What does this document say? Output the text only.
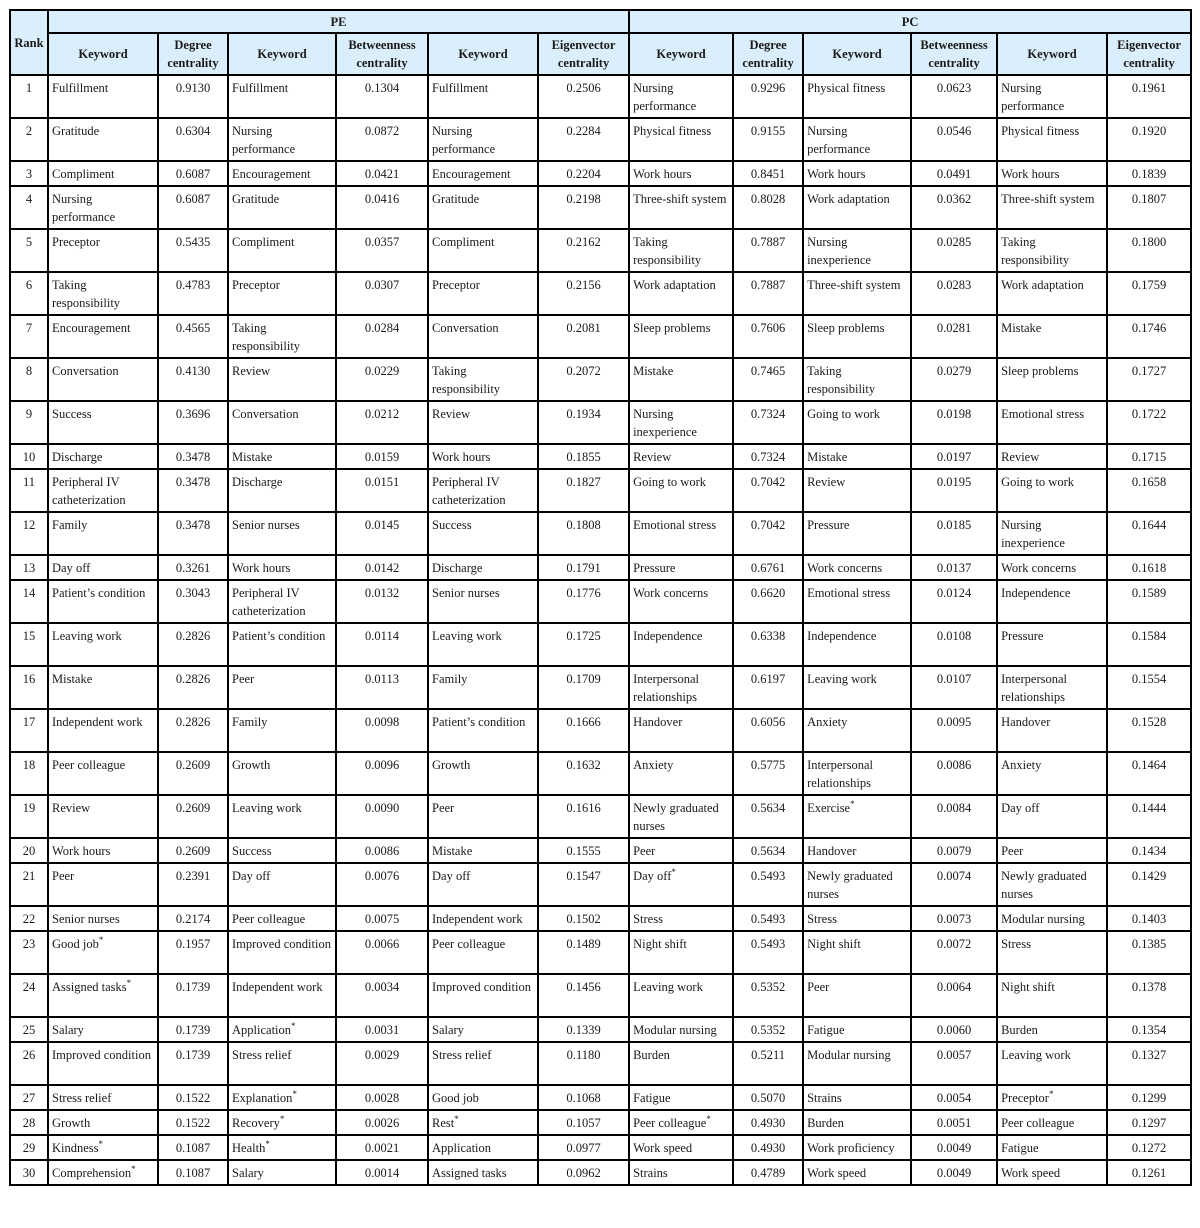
Rank	PE						PC					
	Keyword	Degree centrality	Keyword	Betweenness centrality	Keyword	Eigenvector centrality	Keyword	Degree centrality	Keyword	Betweenness centrality	Keyword	Eigenvector centrality
1	Fulfillment	0.9130	Fulfillment	0.1304	Fulfillment	0.2506	Nursing performance	0.9296	Physical fitness	0.0623	Nursing performance	0.1961
2	Gratitude	0.6304	Nursing performance	0.0872	Nursing performance	0.2284	Physical fitness	0.9155	Nursing performance	0.0546	Physical fitness	0.1920
3	Compliment	0.6087	Encouragement	0.0421	Encouragement	0.2204	Work hours	0.8451	Work hours	0.0491	Work hours	0.1839
4	Nursing performance	0.6087	Gratitude	0.0416	Gratitude	0.2198	Three-shift system	0.8028	Work adaptation	0.0362	Three-shift system	0.1807
5	Preceptor	0.5435	Compliment	0.0357	Compliment	0.2162	Taking responsibility	0.7887	Nursing inexperience	0.0285	Taking responsibility	0.1800
6	Taking responsibility	0.4783	Preceptor	0.0307	Preceptor	0.2156	Work adaptation	0.7887	Three-shift system	0.0283	Work adaptation	0.1759
7	Encouragement	0.4565	Taking responsibility	0.0284	Conversation	0.2081	Sleep problems	0.7606	Sleep problems	0.0281	Mistake	0.1746
8	Conversation	0.4130	Review	0.0229	Taking responsibility	0.2072	Mistake	0.7465	Taking responsibility	0.0279	Sleep problems	0.1727
9	Success	0.3696	Conversation	0.0212	Review	0.1934	Nursing inexperience	0.7324	Going to work	0.0198	Emotional stress	0.1722
10	Discharge	0.3478	Mistake	0.0159	Work hours	0.1855	Review	0.7324	Mistake	0.0197	Review	0.1715
11	Peripheral IV catheterization	0.3478	Discharge	0.0151	Peripheral IV catheterization	0.1827	Going to work	0.7042	Review	0.0195	Going to work	0.1658
12	Family	0.3478	Senior nurses	0.0145	Success	0.1808	Emotional stress	0.7042	Pressure	0.0185	Nursing inexperience	0.1644
13	Day off	0.3261	Work hours	0.0142	Discharge	0.1791	Pressure	0.6761	Work concerns	0.0137	Work concerns	0.1618
14	Patient’s condition	0.3043	Peripheral IV catheterization	0.0132	Senior nurses	0.1776	Work concerns	0.6620	Emotional stress	0.0124	Independence	0.1589
15	Leaving work	0.2826	Patient’s condition	0.0114	Leaving work	0.1725	Independence	0.6338	Independence	0.0108	Pressure	0.1584
16	Mistake	0.2826	Peer	0.0113	Family	0.1709	Interpersonal relationships	0.6197	Leaving work	0.0107	Interpersonal relationships	0.1554
17	Independent work	0.2826	Family	0.0098	Patient’s condition	0.1666	Handover	0.6056	Anxiety	0.0095	Handover	0.1528
18	Peer colleague	0.2609	Growth	0.0096	Growth	0.1632	Anxiety	0.5775	Interpersonal relationships	0.0086	Anxiety	0.1464
19	Review	0.2609	Leaving work	0.0090	Peer	0.1616	Newly graduated nurses	0.5634	Exercise*	0.0084	Day off	0.1444
20	Work hours	0.2609	Success	0.0086	Mistake	0.1555	Peer	0.5634	Handover	0.0079	Peer	0.1434
21	Peer	0.2391	Day off	0.0076	Day off	0.1547	Day off*	0.5493	Newly graduated nurses	0.0074	Newly graduated nurses	0.1429
22	Senior nurses	0.2174	Peer colleague	0.0075	Independent work	0.1502	Stress	0.5493	Stress	0.0073	Modular nursing	0.1403
23	Good job*	0.1957	Improved condition	0.0066	Peer colleague	0.1489	Night shift	0.5493	Night shift	0.0072	Stress	0.1385
24	Assigned tasks*	0.1739	Independent work	0.0034	Improved condition	0.1456	Leaving work	0.5352	Peer	0.0064	Night shift	0.1378
25	Salary	0.1739	Application*	0.0031	Salary	0.1339	Modular nursing	0.5352	Fatigue	0.0060	Burden	0.1354
26	Improved condition	0.1739	Stress relief	0.0029	Stress relief	0.1180	Burden	0.5211	Modular nursing	0.0057	Leaving work	0.1327
27	Stress relief	0.1522	Explanation*	0.0028	Good job	0.1068	Fatigue	0.5070	Strains	0.0054	Preceptor*	0.1299
28	Growth	0.1522	Recovery*	0.0026	Rest*	0.1057	Peer colleague*	0.4930	Burden	0.0051	Peer colleague	0.1297
29	Kindness*	0.1087	Health*	0.0021	Application	0.0977	Work speed	0.4930	Work proficiency	0.0049	Fatigue	0.1272
30	Comprehension*	0.1087	Salary	0.0014	Assigned tasks	0.0962	Strains	0.4789	Work speed	0.0049	Work speed	0.1261
